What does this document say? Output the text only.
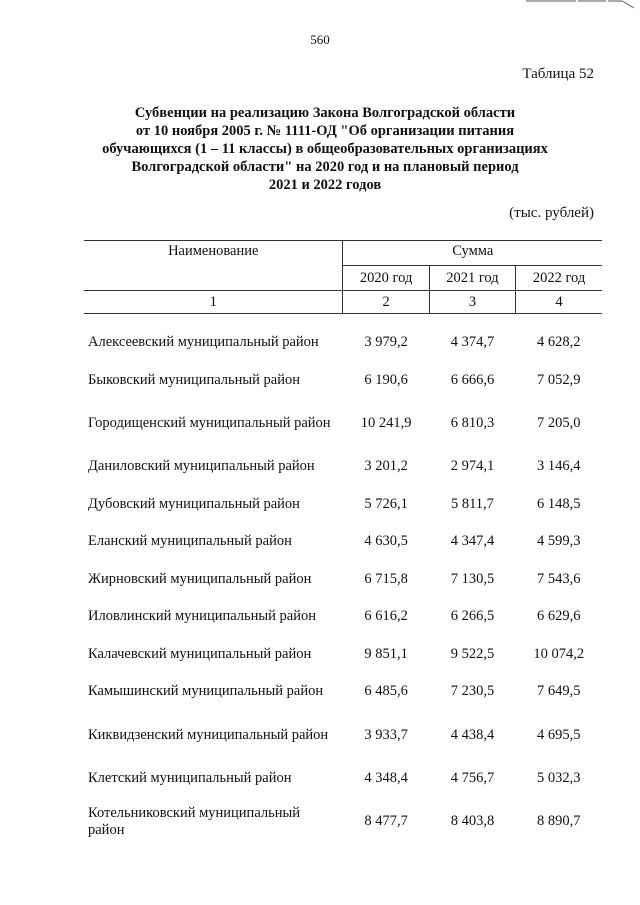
560
Таблица 52
Субвенции на реализацию Закона Волгоградской области
от 10 ноября 2005 г. № 1111-ОД "Об организации питания
обучающихся (1 – 11 классы) в общеобразовательных организациях
Волгоградской области" на 2020 год и на плановый период
2021 и 2022 годов
(тыс. рублей)
Наименование	Сумма		
	2020 год	2021 год	2022 год
1	2	3	4

Алексеевский муниципальный район	3 979,2	4 374,7	4 628,2
Быковский муниципальный район	6 190,6	6 666,6	7 052,9
Городищенский муниципальный район	10 241,9	6 810,3	7 205,0
Даниловский муниципальный район	3 201,2	2 974,1	3 146,4
Дубовский муниципальный район	5 726,1	5 811,7	6 148,5
Еланский муниципальный район	4 630,5	4 347,4	4 599,3
Жирновский муниципальный район	6 715,8	7 130,5	7 543,6
Иловлинский муниципальный район	6 616,2	6 266,5	6 629,6
Калачевский муниципальный район	9 851,1	9 522,5	10 074,2
Камышинский муниципальный район	6 485,6	7 230,5	7 649,5
Киквидзенский муниципальный район	3 933,7	4 438,4	4 695,5
Клетский муниципальный район	4 348,4	4 756,7	5 032,3
Котельниковский муниципальный район	8 477,7	8 403,8	8 890,7
